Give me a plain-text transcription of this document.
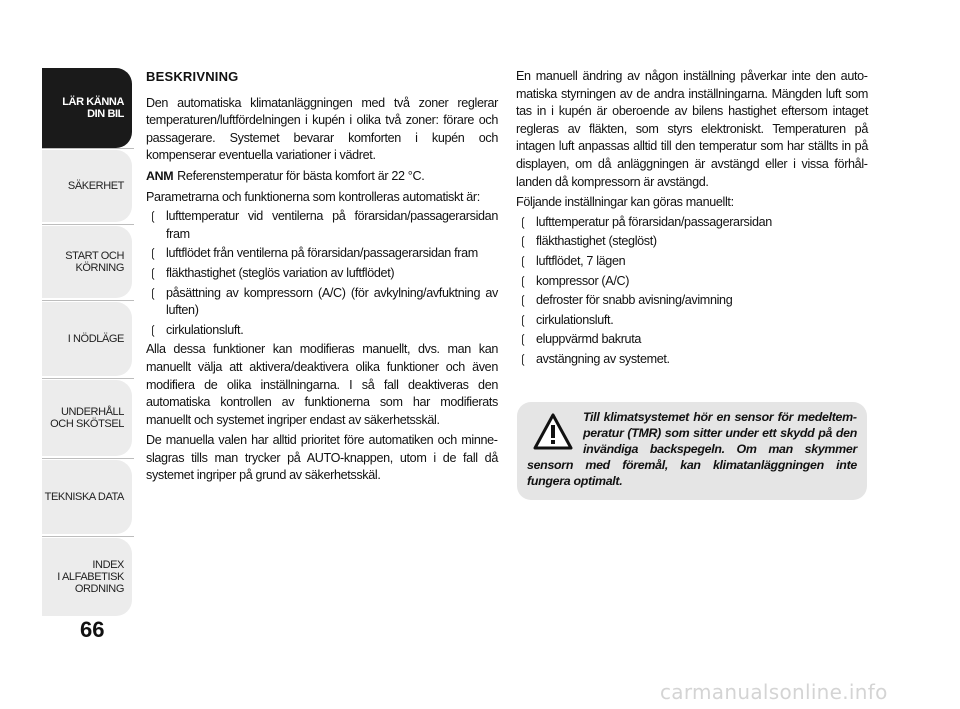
LÄR KÄNNA
DIN BIL
SÄKERHET
START OCH
KÖRNING
I NÖDLÄGE
UNDERHÅLL
OCH SKÖTSEL
TEKNISKA DATA
INDEX
I ALFABETISK
ORDNING
66

BESKRIVNING

Den automatiska klimatanläggningen med två zoner reglerar temperaturen/luftfördelningen i kupén i olika två zoner: förare och passagerare. Systemet bevarar komforten i kupén och kompenserar eventuella variationer i vädret.

ANM Referenstemperatur för bästa komfort är 22 °C.

Parametrarna och funktionerna som kontrolleras automatiskt är:

❲ lufttemperatur vid ventilerna på förarsidan/passagerarsidan fram
❲ luftflödet från ventilerna på förarsidan/passagerarsidan fram
❲ fläkthastighet (steglös variation av luftflödet)
❲ påsättning av kompressorn (A/C) (för avkylning/avfuktning av luften)
❲ cirkulationsluft.

Alla dessa funktioner kan modifieras manuellt, dvs. man kan manuellt välja att aktivera/deaktivera olika funktioner och även modifiera de olika inställningarna. I så fall deaktiveras den automatiska kontrollen av funktionerna som har modifierats manuellt och systemet ingriper endast av säkerhetsskäl.

De manuella valen har alltid prioritet före automatiken och minneslagras tills man trycker på AUTO-knappen, utom i de fall då systemet ingriper på grund av säkerhetsskäl.

En manuell ändring av någon inställning påverkar inte den automatiska styrningen av de andra inställningarna. Mängden luft som tas in i kupén är oberoende av bilens hastighet eftersom intaget regleras av fläkten, som styrs elektroniskt. Temperaturen på intagen luft anpassas alltid till den temperatur som har ställts in på displayen, om då anläggningen är avstängd eller i vissa förhållanden då kompressorn är avstängd.

Följande inställningar kan göras manuellt:

❲ lufttemperatur på förarsidan/passagerarsidan
❲ fläkthastighet (steglöst)
❲ luftflödet, 7 lägen
❲ kompressor (A/C)
❲ defroster för snabb avisning/avimning
❲ cirkulationsluft.
❲ eluppvärmd bakruta
❲ avstängning av systemet.
Till klimatsystemet hör en sensor för medeltemperatur (TMR) som sitter under ett skydd på den invändiga backspegeln. Om man skymmer sensorn med föremål, kan klimatanläggningen inte fungera optimalt.
carmanualsonline.info
